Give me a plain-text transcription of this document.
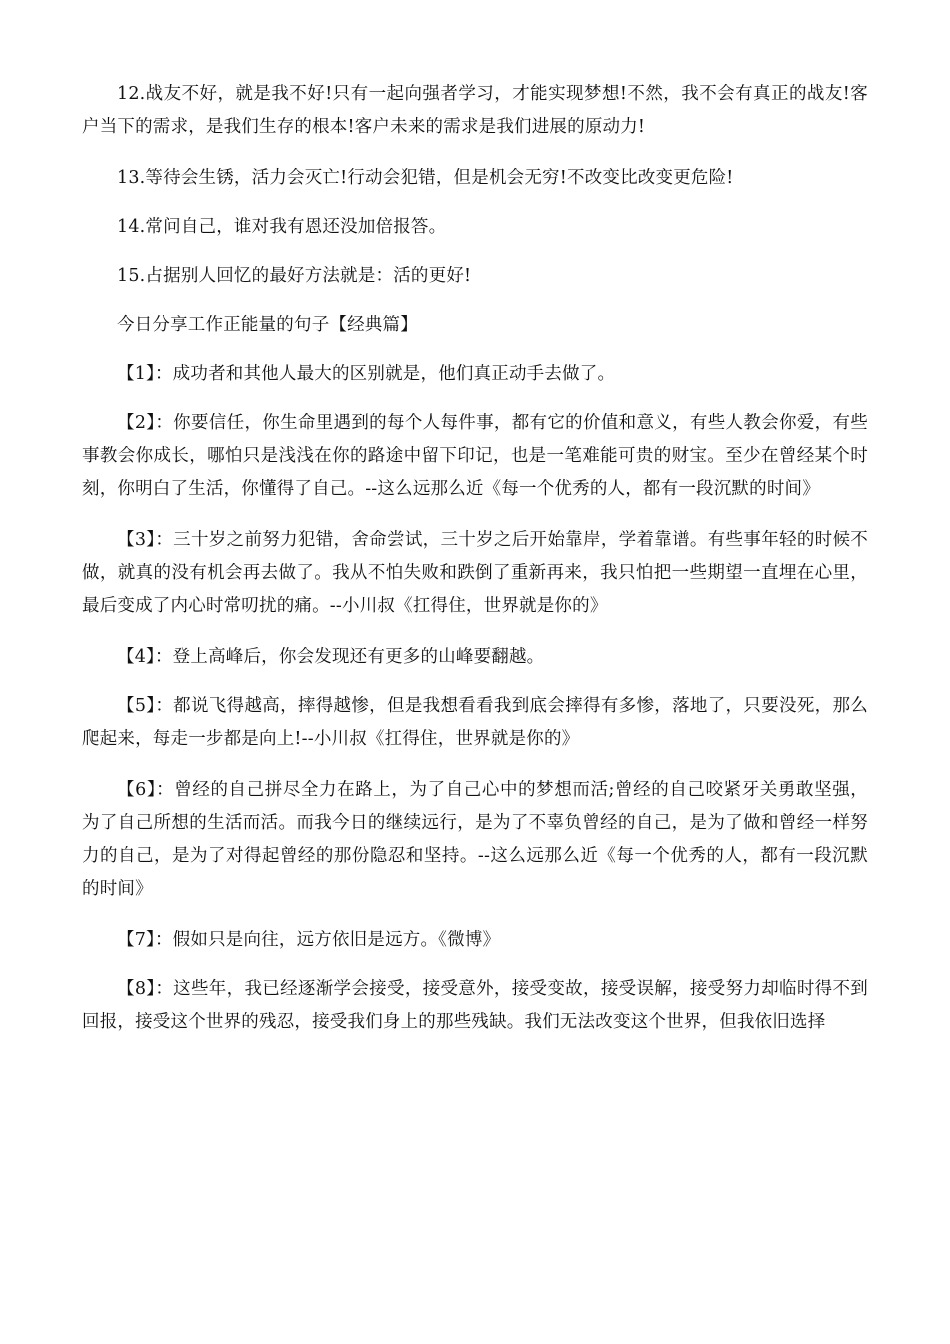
12.战友不好，就是我不好!只有一起向强者学习，才能实现梦想!不然，我不会有真正的战友!客户当下的需求，是我们生存的根本!客户未来的需求是我们进展的原动力!

13.等待会生锈，活力会灭亡!行动会犯错，但是机会无穷!不改变比改变更危险!

14.常问自己，谁对我有恩还没加倍报答。

15.占据别人回忆的最好方法就是：活的更好!

今日分享工作正能量的句子【经典篇】

【1】：成功者和其他人最大的区别就是，他们真正动手去做了。

【2】：你要信任，你生命里遇到的每个人每件事，都有它的价值和意义，有些人教会你爱，有些事教会你成长，哪怕只是浅浅在你的路途中留下印记，也是一笔难能可贵的财宝。至少在曾经某个时刻，你明白了生活，你懂得了自己。--这么远那么近《每一个优秀的人，都有一段沉默的时间》

【3】：三十岁之前努力犯错，舍命尝试，三十岁之后开始靠岸，学着靠谱。有些事年轻的时候不做，就真的没有机会再去做了。我从不怕失败和跌倒了重新再来，我只怕把一些期望一直埋在心里，最后变成了内心时常叨扰的痛。--小川叔《扛得住，世界就是你的》

【4】：登上高峰后，你会发现还有更多的山峰要翻越。

【5】：都说飞得越高，摔得越惨，但是我想看看我到底会摔得有多惨，落地了，只要没死，那么爬起来，每走一步都是向上!--小川叔《扛得住，世界就是你的》

【6】：曾经的自己拼尽全力在路上，为了自己心中的梦想而活;曾经的自己咬紧牙关勇敢坚强，为了自己所想的生活而活。而我今日的继续远行，是为了不辜负曾经的自己，是为了做和曾经一样努力的自己，是为了对得起曾经的那份隐忍和坚持。--这么远那么近《每一个优秀的人，都有一段沉默的时间》

【7】：假如只是向往，远方依旧是远方。《微博》

【8】：这些年，我已经逐渐学会接受，接受意外，接受变故，接受误解，接受努力却临时得不到回报，接受这个世界的残忍，接受我们身上的那些残缺。我们无法改变这个世界，但我依旧选择
